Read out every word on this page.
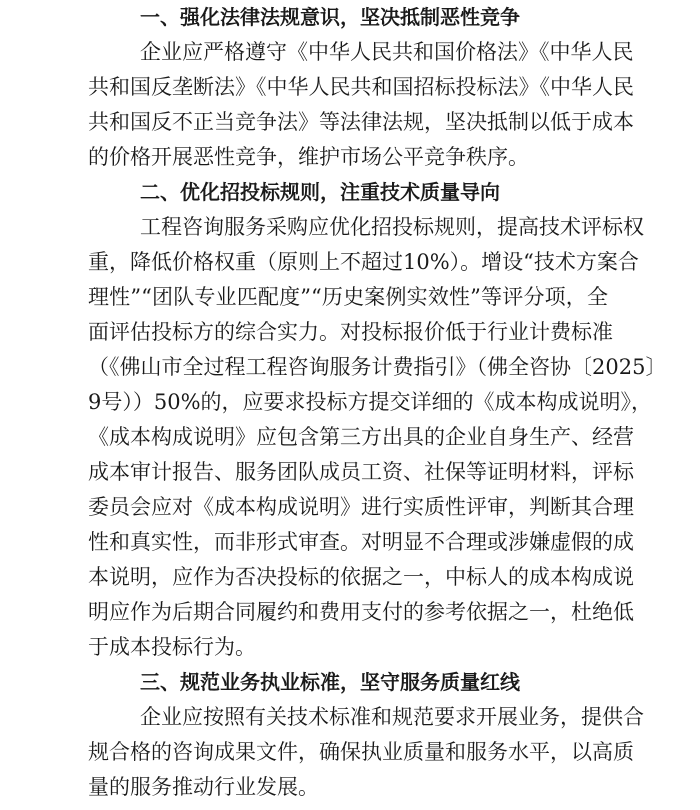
一、强化法律法规意识，坚决抵制恶性竞争
企业应严格遵守《中华人民共和国价格法》《中华人民
共和国反垄断法》《中华人民共和国招标投标法》《中华人民
共和国反不正当竞争法》等法律法规，坚决抵制以低于成本
的价格开展恶性竞争，维护市场公平竞争秩序。
二、优化招投标规则，注重技术质量导向
工程咨询服务采购应优化招投标规则，提高技术评标权
重，降低价格权重（原则上不超过10%）。增设“技术方案合
理性”“团队专业匹配度”“历史案例实效性”等评分项，全
面评估投标方的综合实力。对投标报价低于行业计费标准
（《佛山市全过程工程咨询服务计费指引》（佛全咨协〔2025〕
9号））50%的，应要求投标方提交详细的《成本构成说明》，
《成本构成说明》应包含第三方出具的企业自身生产、经营
成本审计报告、服务团队成员工资、社保等证明材料，评标
委员会应对《成本构成说明》进行实质性评审，判断其合理
性和真实性，而非形式审查。对明显不合理或涉嫌虚假的成
本说明，应作为否决投标的依据之一，中标人的成本构成说
明应作为后期合同履约和费用支付的参考依据之一，杜绝低
于成本投标行为。
三、规范业务执业标准，坚守服务质量红线
企业应按照有关技术标准和规范要求开展业务，提供合
规合格的咨询成果文件，确保执业质量和服务水平，以高质
量的服务推动行业发展。
